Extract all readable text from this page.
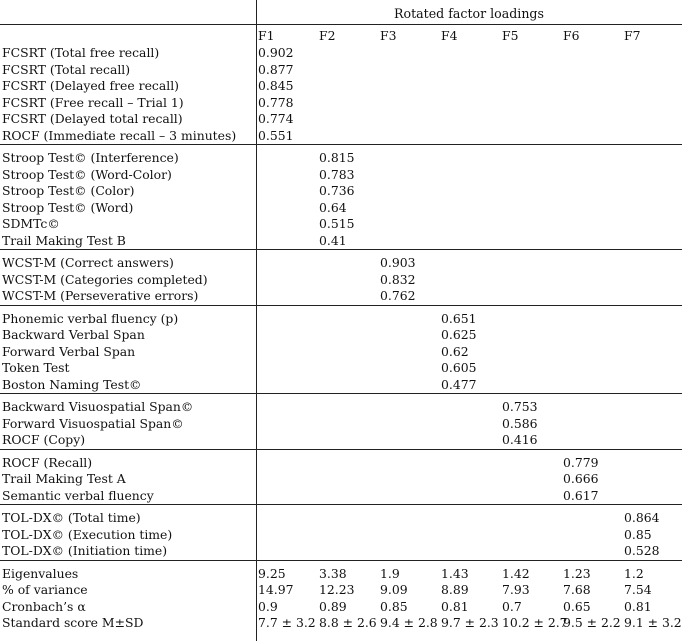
Rotated factor loadings
	F1	F2	F3	F4	F5	F6	F7
FCSRT (Total free recall)	0.902						
FCSRT (Total recall)	0.877						
FCSRT (Delayed free recall)	0.845						
FCSRT (Free recall – Trial 1)	0.778						
FCSRT (Delayed total recall)	0.774						
ROCF (Immediate recall – 3 minutes)	0.551						

Stroop Test© (Interference)		0.815					
Stroop Test© (Word-Color)		0.783					
Stroop Test© (Color)		0.736					
Stroop Test© (Word)		0.64					
SDMTc©		0.515					
Trail Making Test B		0.41					

WCST-M (Correct answers)			0.903				
WCST-M (Categories completed)			0.832				
WCST-M (Perseverative errors)			0.762				

Phonemic verbal fluency (p)				0.651			
Backward Verbal Span				0.625			
Forward Verbal Span				0.62			
Token Test				0.605			
Boston Naming Test©				0.477			

Backward Visuospatial Span©					0.753		
Forward Visuospatial Span©					0.586		
ROCF (Copy)					0.416		

ROCF (Recall)						0.779	
Trail Making Test A						0.666	
Semantic verbal fluency						0.617	

TOL-DX© (Total time)							0.864
TOL-DX© (Execution time)							0.85
TOL-DX© (Initiation time)							0.528

Eigenvalues	9.25	3.38	1.9	1.43	1.42	1.23	1.2
% of variance	14.97	12.23	9.09	8.89	7.93	7.68	7.54
Cronbach’s α	0.9	0.89	0.85	0.81	0.7	0.65	0.81
Standard score M±SD	7.7 ± 3.2	8.8 ± 2.6	9.4 ± 2.8	9.7 ± 2.3	10.2 ± 2.7	9.5 ± 2.2	9.1 ± 3.2
